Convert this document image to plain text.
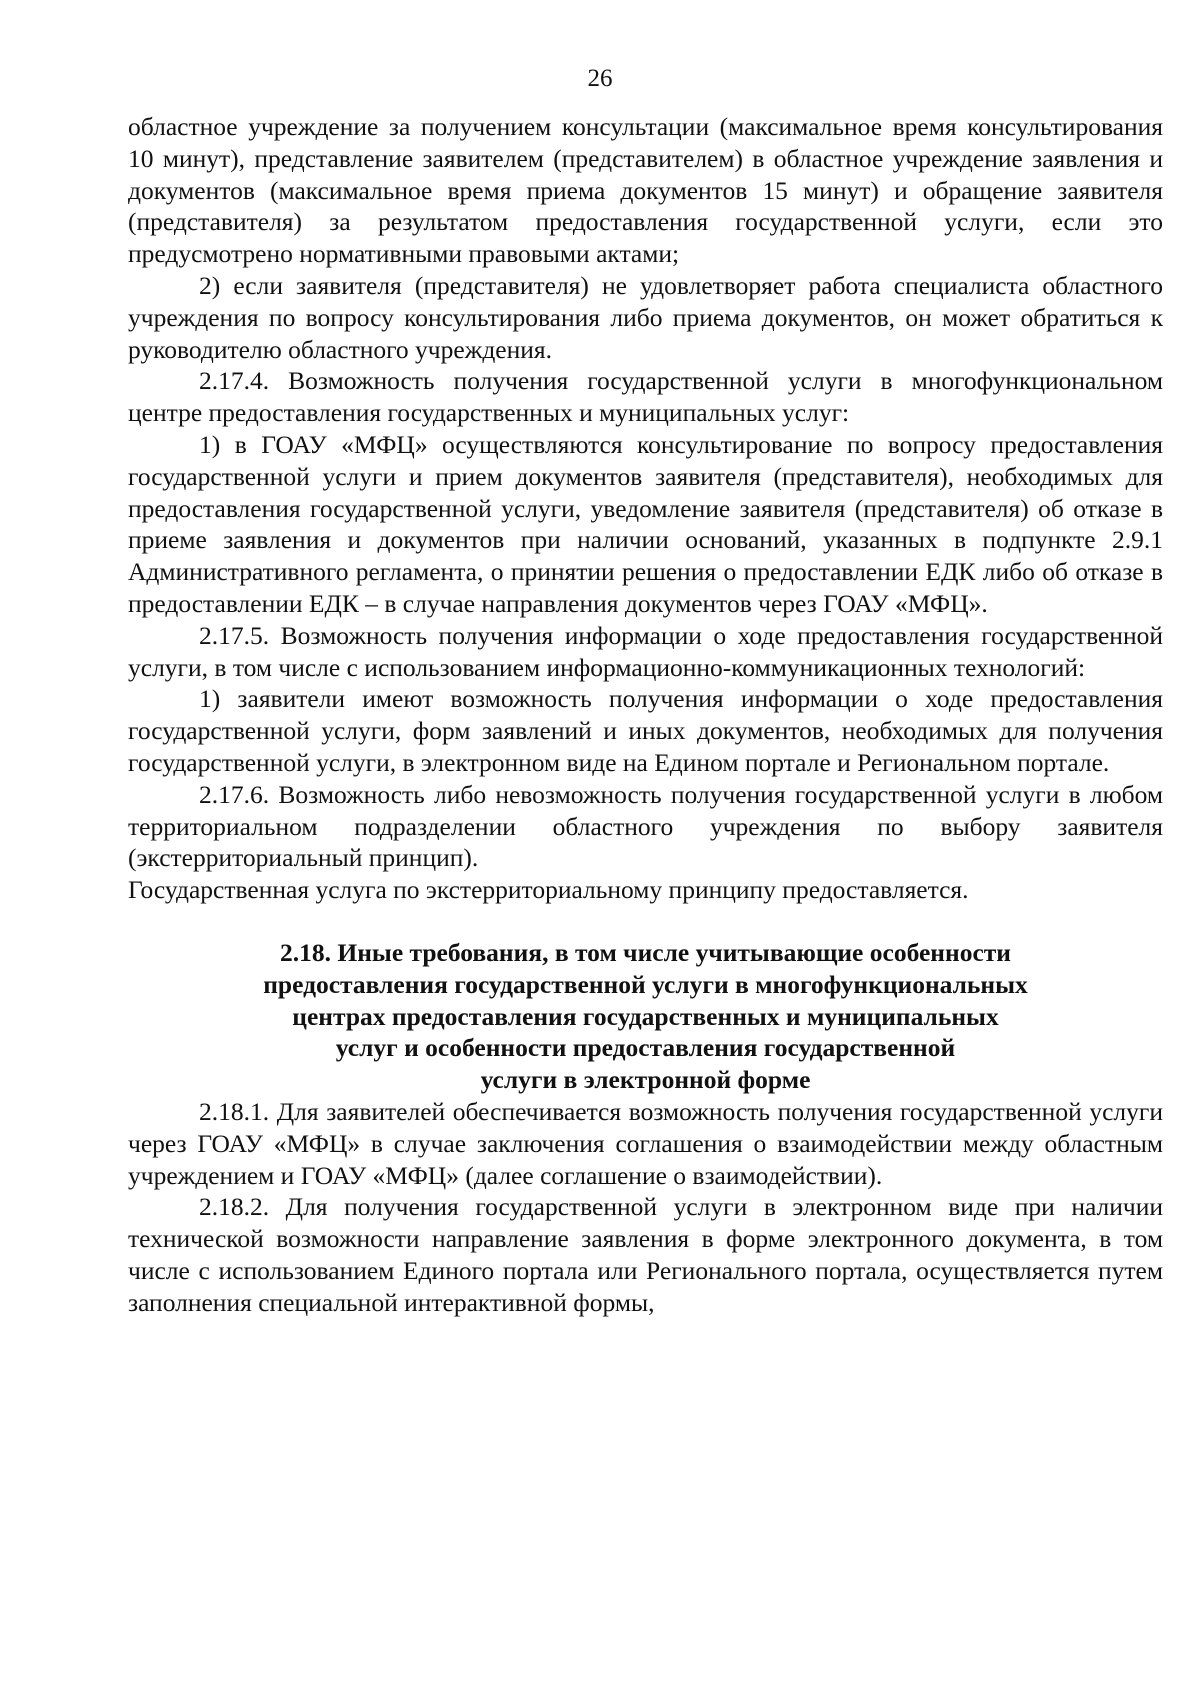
26

областное учреждение за получением консультации (максимальное время консультирования 10 минут), представление заявителем (представителем) в областное учреждение заявления и документов (максимальное время приема документов 15 минут) и обращение заявителя (представителя) за результатом предоставления государственной услуги, если это предусмотрено нормативными правовыми актами;

2) если заявителя (представителя) не удовлетворяет работа специалиста областного учреждения по вопросу консультирования либо приема документов, он может обратиться к руководителю областного учреждения.

2.17.4. Возможность получения государственной услуги в многофункциональном центре предоставления государственных и муниципальных услуг:

1) в ГОАУ «МФЦ» осуществляются консультирование по вопросу предоставления государственной услуги и прием документов заявителя (представителя), необходимых для предоставления государственной услуги, уведомление заявителя (представителя) об отказе в приеме заявления и документов при наличии оснований, указанных в подпункте 2.9.1 Административного регламента, о принятии решения о предоставлении ЕДК либо об отказе в предоставлении ЕДК – в случае направления документов через ГОАУ «МФЦ».

2.17.5. Возможность получения информации о ходе предоставления государственной услуги, в том числе с использованием информационно-коммуникационных технологий:

1) заявители имеют возможность получения информации о ходе предоставления государственной услуги, форм заявлений и иных документов, необходимых для получения государственной услуги, в электронном виде на Едином портале и Региональном портале.

2.17.6. Возможность либо невозможность получения государственной услуги в любом территориальном подразделении областного учреждения по выбору заявителя (экстерриториальный принцип).

Государственная услуга по экстерриториальному принципу предоставляется.

2.18. Иные требования, в том числе учитывающие особенности
предоставления государственной услуги в многофункциональных
центрах предоставления государственных и муниципальных
услуг и особенности предоставления государственной
услуги в электронной форме

2.18.1. Для заявителей обеспечивается возможность получения государственной услуги через ГОАУ «МФЦ» в случае заключения соглашения о взаимодействии между областным учреждением и ГОАУ «МФЦ» (далее соглашение о взаимодействии).

2.18.2. Для получения государственной услуги в электронном виде при наличии технической возможности направление заявления в форме электронного документа, в том числе с использованием Единого портала или Регионального портала, осуществляется путем заполнения специальной интерактивной формы,
